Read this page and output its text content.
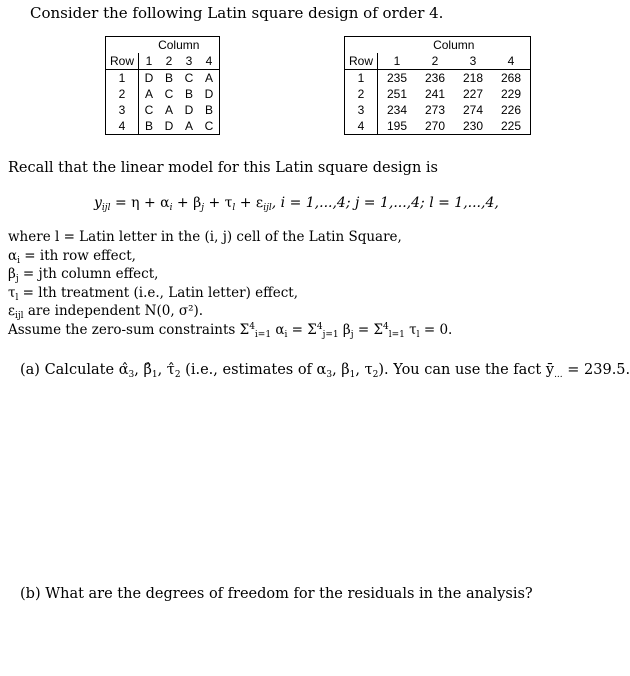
Consider the following Latin square design of order 4.
	Column			
Row	1	2	3	4
1	D	B	C	A
2	A	C	B	D
3	C	A	D	B
4	B	D	A	C
	Column			
Row	1	2	3	4
1	235	236	218	268
2	251	241	227	229
3	234	273	274	226
4	195	270	230	225
Recall that the linear model for this Latin square design is
$y_{ijl} = \eta + \alpha_i + \beta_j + \tau_l + \varepsilon_{ijl}$, i = 1,...,4; j = 1,...,4; l = 1,...,4,
where l = Latin letter in the (i, j) cell of the Latin Square,
$\alpha_i$ = ith row effect,
$\beta_j$ = jth column effect,
$\tau_l$ = lth treatment (i.e., Latin letter) effect,
$\varepsilon_{ijl}$ are independent N(0, σ²).
Assume the zero-sum constraints $\Sigma^4_{i=1}$ $\alpha_i = \Sigma^4_{j=1}$ $\beta_j = \Sigma^4_{l=1}$ $\tau_l = 0$.
(a) Calculate $\alphâ_3$, $\betâ_1$, $\taû_2$ (i.e., estimates of $\alpha_3$, $\beta_1$, $\tau_2$). You can use the fact $ȳ_{...} = 239.5$.
(b) What are the degrees of freedom for the residuals in the analysis?
